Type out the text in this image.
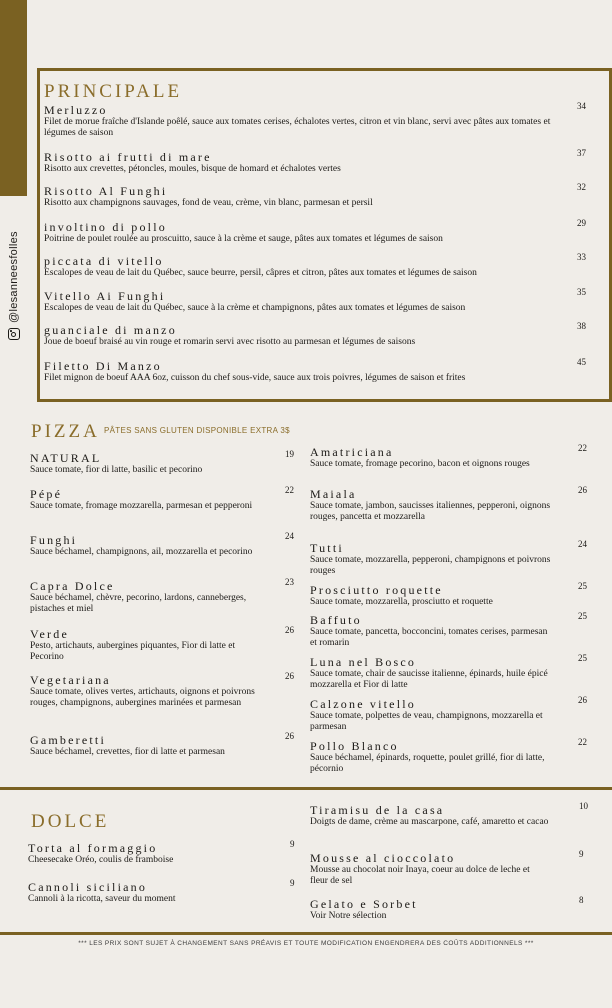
@lesanneesfolles
PRINCIPALE
PIZZA PÂTES SANS GLUTEN DISPONIBLE EXTRA 3$
DOLCE
Merluzzo
Filet de morue fraîche d'Islande poêlé, sauce aux tomates cerises, échalotes vertes, citron et vin blanc, servi avec pâtes aux tomates et légumes de saison
34
Risotto ai frutti di mare
Risotto aux crevettes, pétoncles, moules, bisque de homard et échalotes vertes
37
Risotto Al Funghi
Risotto aux champignons sauvages, fond de veau, crème, vin blanc, parmesan et persil
32
involtino di pollo
Poitrine de poulet roulée au proscuitto, sauce à la crème et sauge, pâtes aux tomates et légumes de saison
29
piccata di vitello
Escalopes de veau de lait du Québec, sauce beurre, persil, câpres et citron, pâtes aux tomates et légumes de saison
33
Vitello Ai Funghi
Escalopes de veau de lait du Québec, sauce à la crème et champignons, pâtes aux tomates et légumes de saison
35
guanciale di manzo
Joue de boeuf braisé au vin rouge et romarin servi avec risotto au parmesan et légumes de saisons
38
Filetto Di Manzo
Filet mignon de boeuf AAA 6oz, cuisson du chef sous-vide, sauce aux trois poivres, légumes de saison et frites
45
NATURAL
Sauce tomate, fior di latte, basilic et pecorino
19
Pépé
Sauce tomate, fromage mozzarella, parmesan et pepperoni
22
Funghi
Sauce béchamel, champignons, ail, mozzarella et pecorino
24
Capra Dolce
Sauce béchamel, chèvre, pecorino, lardons, canneberges, pistaches et miel
23
Verde
Pesto, artichauts, aubergines piquantes, Fior di latte et Pecorino
26
Vegetariana
Sauce tomate, olives vertes, artichauts, oignons et poivrons rouges, champignons, aubergines marinées et parmesan
26
Gamberetti
Sauce béchamel, crevettes, fior di latte et parmesan
26
Amatriciana
Sauce tomate, fromage pecorino, bacon et oignons rouges
22
Maiala
Sauce tomate, jambon, saucisses italiennes, pepperoni, oignons rouges, pancetta et mozzarella
26
Tutti
Sauce tomate, mozzarella, pepperoni, champignons et poivrons rouges
24
Prosciutto roquette
Sauce tomate, mozzarella, prosciutto et roquette
25
Baffuto
Sauce tomate, pancetta, bocconcini, tomates cerises, parmesan et romarin
25
Luna nel Bosco
Sauce tomate, chair de saucisse italienne, épinards, huile épicé mozzarella et Fior di latte
25
Calzone vitello
Sauce tomate, polpettes de veau, champignons, mozzarella et parmesan
26
Pollo Blanco
Sauce béchamel, épinards, roquette, poulet grillé, fior di latte, pécornio
22
Torta al formaggio
Cheesecake Oréo, coulis de framboise
9
Cannoli siciliano
Cannoli à la ricotta, saveur du moment
9
Tiramisu de la casa
Doigts de dame, crème au mascarpone, café, amaretto et cacao
10
Mousse al cioccolato
Mousse au chocolat noir Inaya, coeur au dolce de leche et fleur de sel
9
Gelato e Sorbet
Voir Notre sélection
8
*** LES PRIX SONT SUJET À CHANGEMENT SANS PRÉAVIS ET TOUTE MODIFICATION ENGENDRERA DES COÛTS ADDITIONNELS ***
